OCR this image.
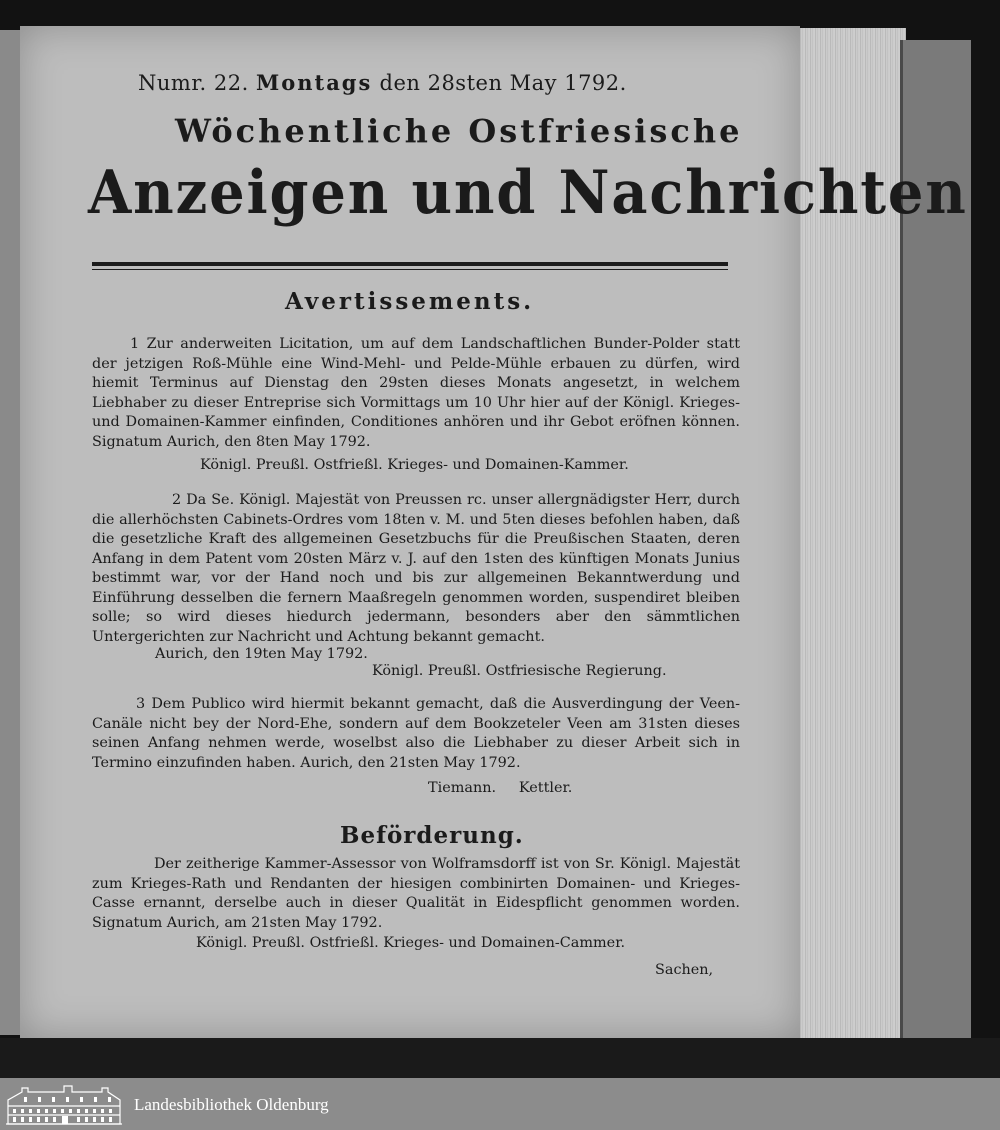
Numr. 22. Montags den 28sten May 1792.
Wöchentliche Ostfriesische
Anzeigen und Nachrichten
Avertissements.
1 Zur anderweiten Licitation, um auf dem Landschaftlichen Bunder-Polder statt der jetzigen Roß-Mühle eine Wind-Mehl- und Pelde-Mühle erbauen zu dürfen, wird hiemit Terminus auf Dienstag den 29sten dieses Monats angesetzt, in welchem Liebhaber zu dieser Entreprise sich Vormittags um 10 Uhr hier auf der Königl. Krieges- und Domainen-Kammer einfinden, Conditiones anhören und ihr Gebot eröfnen können. Signatum Aurich, den 8ten May 1792.
Königl. Preußl. Ostfrießl. Krieges- und Domainen-Kammer.
2 Da Se. Königl. Majestät von Preussen rc. unser allergnädigster Herr, durch die allerhöchsten Cabinets-Ordres vom 18ten v. M. und 5ten dieses befohlen haben, daß die gesetzliche Kraft des allgemeinen Gesetzbuchs für die Preußischen Staaten, deren Anfang in dem Patent vom 20sten März v. J. auf den 1sten des künftigen Monats Junius bestimmt war, vor der Hand noch und bis zur allgemeinen Bekanntwerdung und Einführung desselben die fernern Maaßregeln genommen worden, suspendiret bleiben solle; so wird dieses hiedurch jedermann, besonders aber den sämmtlichen Untergerichten zur Nachricht und Achtung bekannt gemacht.
Aurich, den 19ten May 1792.
Königl. Preußl. Ostfriesische Regierung.
3 Dem Publico wird hiermit bekannt gemacht, daß die Ausverdingung der Veen-Canäle nicht bey der Nord-Ehe, sondern auf dem Bookzeteler Veen am 31sten dieses seinen Anfang nehmen werde, woselbst also die Liebhaber zu dieser Arbeit sich in Termino einzufinden haben. Aurich, den 21sten May 1792.
Tiemann.     Kettler.
Beförderung.
Der zeitherige Kammer-Assessor von Wolframsdorff ist von Sr. Königl. Majestät zum Krieges-Rath und Rendanten der hiesigen combinirten Domainen- und Krieges-Casse ernannt, derselbe auch in dieser Qualität in Eidespflicht genommen worden. Signatum Aurich, am 21sten May 1792.
Königl. Preußl. Ostfrießl. Krieges- und Domainen-Cammer.
Sachen,
Landesbibliothek Oldenburg
